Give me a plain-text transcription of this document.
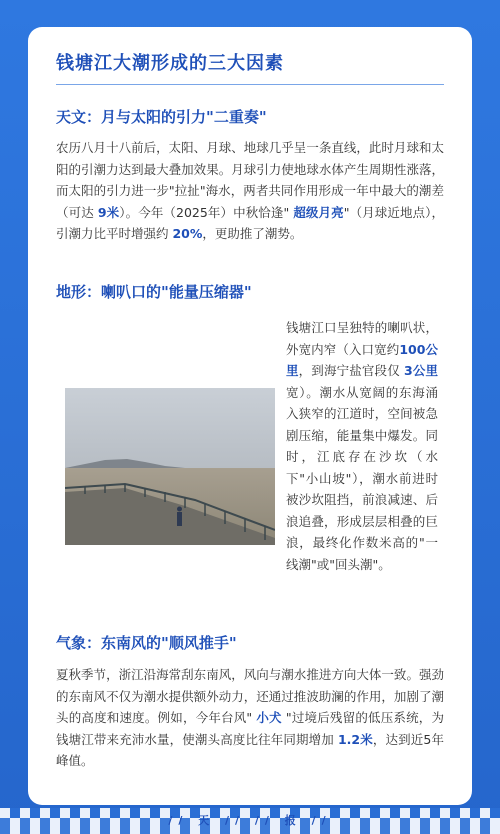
钱塘江大潮形成的三大因素
天文：月与太阳的引力"二重奏"
农历八月十八前后，太阳、月球、地球几乎呈一条直线，此时月球和太阳的引潮力达到最大叠加效果。月球引力使地球水体产生周期性涨落，而太阳的引力进一步"拉扯"海水，两者共同作用形成一年中最大的潮差（可达 9米）。今年（2025年）中秋恰逢" 超级月亮"（月球近地点），引潮力比平时增强约 20%，更助推了潮势。
地形：喇叭口的"能量压缩器"
钱塘江口呈独特的喇叭状，外宽内窄（入口宽约100公里，到海宁盐官段仅 3公里 宽）。潮水从宽阔的东海涌入狭窄的江道时，空间被急剧压缩，能量集中爆发。同时，江底存在沙坎（水下"小山坡"），潮水前进时被沙坎阻挡，前浪减速、后浪追叠，形成层层相叠的巨浪，最终化作数米高的"一线潮"或"回头潮"。
气象：东南风的"顺风推手"
夏秋季节，浙江沿海常刮东南风，风向与潮水推进方向大体一致。强劲的东南风不仅为潮水提供额外动力，还通过推波助澜的作用，加剧了潮头的高度和速度。例如，今年台风" 小犬 "过境后残留的低压系统，为钱塘江带来充沛水量，使潮头高度比往年同期增加 1.2米，达到近5年峰值。
// 天 // // 报 //
